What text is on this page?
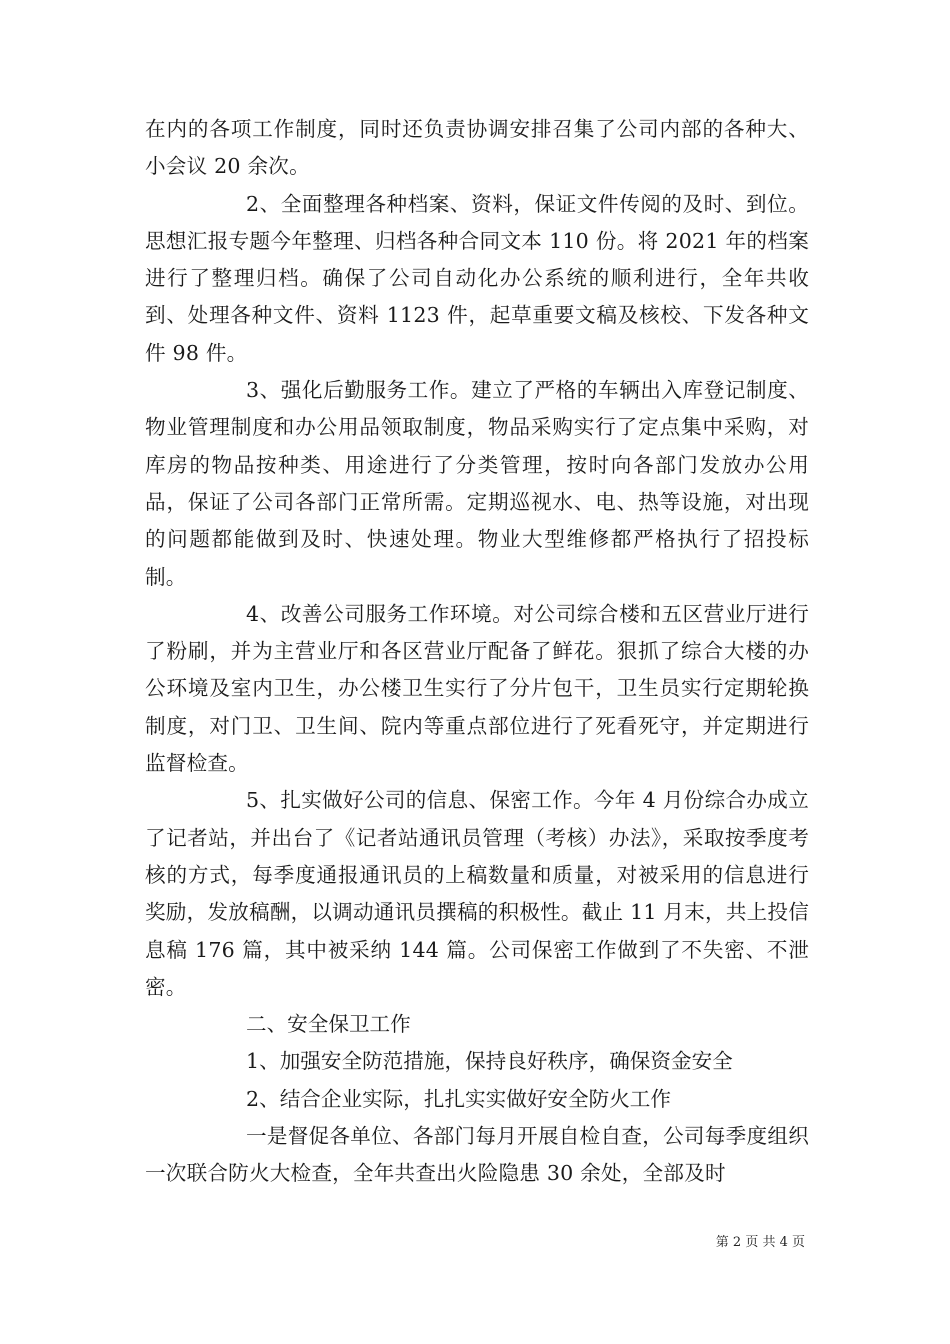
在内的各项工作制度，同时还负责协调安排召集了公司内部的各种大、小会议 20 余次。

2、全面整理各种档案、资料，保证文件传阅的及时、到位。思想汇报专题今年整理、归档各种合同文本 110 份。将 2021 年的档案进行了整理归档。确保了公司自动化办公系统的顺利进行，全年共收到、处理各种文件、资料 1123 件，起草重要文稿及核校、下发各种文件 98 件。

3、强化后勤服务工作。建立了严格的车辆出入库登记制度、物业管理制度和办公用品领取制度，物品采购实行了定点集中采购，对库房的物品按种类、用途进行了分类管理，按时向各部门发放办公用品，保证了公司各部门正常所需。定期巡视水、电、热等设施，对出现的问题都能做到及时、快速处理。物业大型维修都严格执行了招投标制。

4、改善公司服务工作环境。对公司综合楼和五区营业厅进行了粉刷，并为主营业厅和各区营业厅配备了鲜花。狠抓了综合大楼的办公环境及室内卫生，办公楼卫生实行了分片包干，卫生员实行定期轮换制度，对门卫、卫生间、院内等重点部位进行了死看死守，并定期进行监督检查。

5、扎实做好公司的信息、保密工作。今年 4 月份综合办成立了记者站，并出台了《记者站通讯员管理（考核）办法》，采取按季度考核的方式，每季度通报通讯员的上稿数量和质量，对被采用的信息进行奖励，发放稿酬，以调动通讯员撰稿的积极性。截止 11 月末，共上投信息稿 176 篇，其中被采纳 144 篇。公司保密工作做到了不失密、不泄密。

二、安全保卫工作

1、加强安全防范措施，保持良好秩序，确保资金安全

2、结合企业实际，扎扎实实做好安全防火工作

一是督促各单位、各部门每月开展自检自查，公司每季度组织一次联合防火大检查，全年共查出火险隐患 30 余处，全部及时

第 2 页 共 4 页
